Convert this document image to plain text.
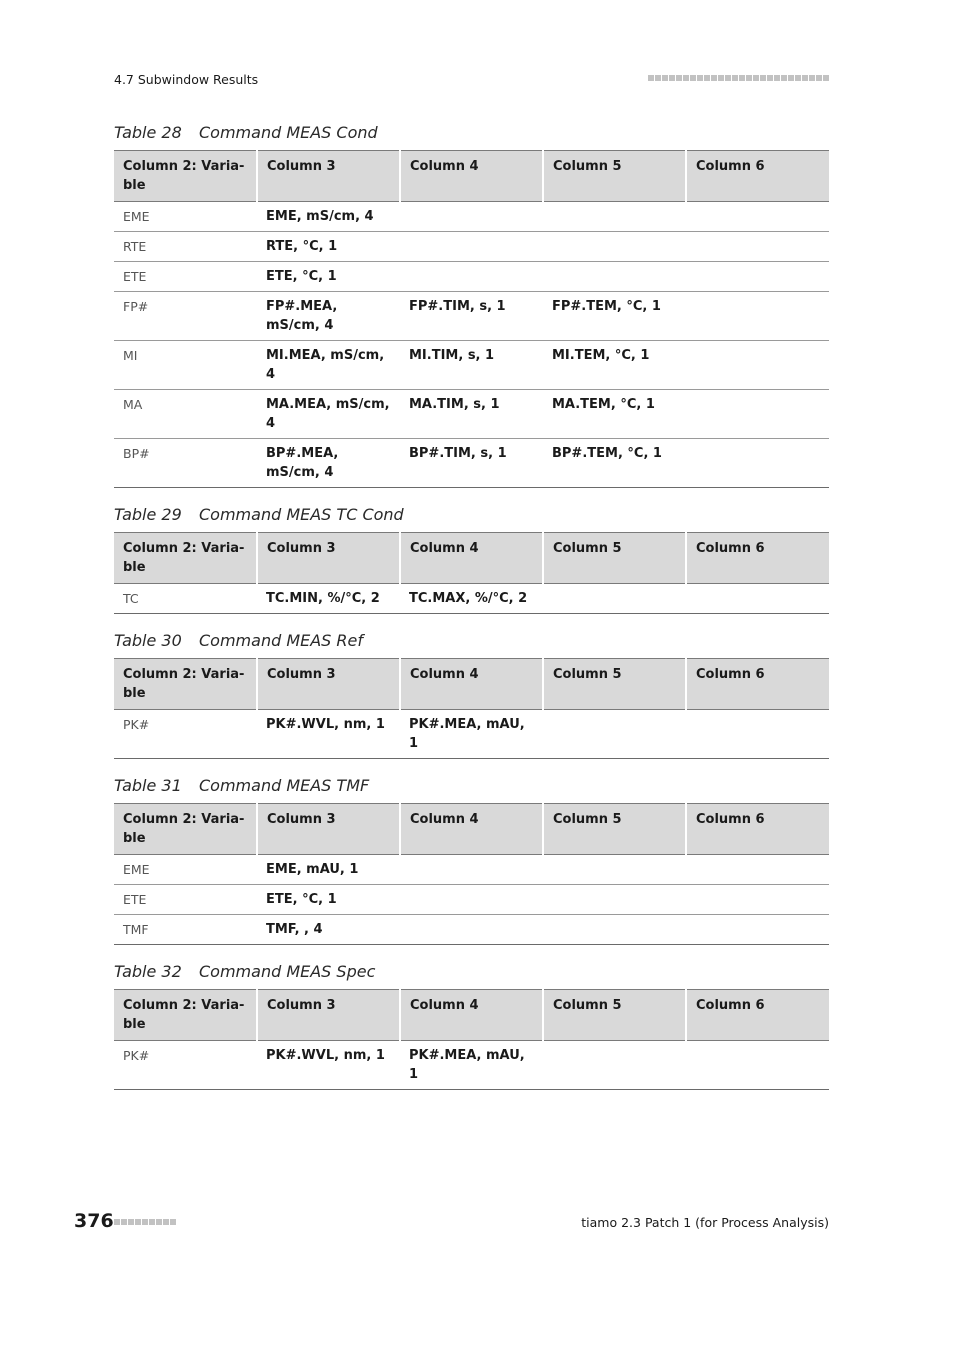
4.7 Subwindow Results
Table 28 Command MEAS Cond
Column 2: Varia-ble	Column 3	Column 4	Column 5	Column 6
EME	EME, mS/cm, 4			
RTE	RTE, °C, 1			
ETE	ETE, °C, 1			
FP#	FP#.MEA, mS/cm, 4	FP#.TIM, s, 1	FP#.TEM, °C, 1	
MI	MI.MEA, mS/cm, 4	MI.TIM, s, 1	MI.TEM, °C, 1	
MA	MA.MEA, mS/cm, 4	MA.TIM, s, 1	MA.TEM, °C, 1	
BP#	BP#.MEA, mS/cm, 4	BP#.TIM, s, 1	BP#.TEM, °C, 1	
Table 29 Command MEAS TC Cond
Column 2: Varia-ble	Column 3	Column 4	Column 5	Column 6
TC	TC.MIN, %/°C, 2	TC.MAX, %/°C, 2		
Table 30 Command MEAS Ref
Column 2: Varia-ble	Column 3	Column 4	Column 5	Column 6
PK#	PK#.WVL, nm, 1	PK#.MEA, mAU, 1		
Table 31 Command MEAS TMF
Column 2: Varia-ble	Column 3	Column 4	Column 5	Column 6
EME	EME, mAU, 1			
ETE	ETE, °C, 1			
TMF	TMF, , 4			
Table 32 Command MEAS Spec
Column 2: Varia-ble	Column 3	Column 4	Column 5	Column 6
PK#	PK#.WVL, nm, 1	PK#.MEA, mAU, 1		
376	tiamo 2.3 Patch 1 (for Process Analysis)
